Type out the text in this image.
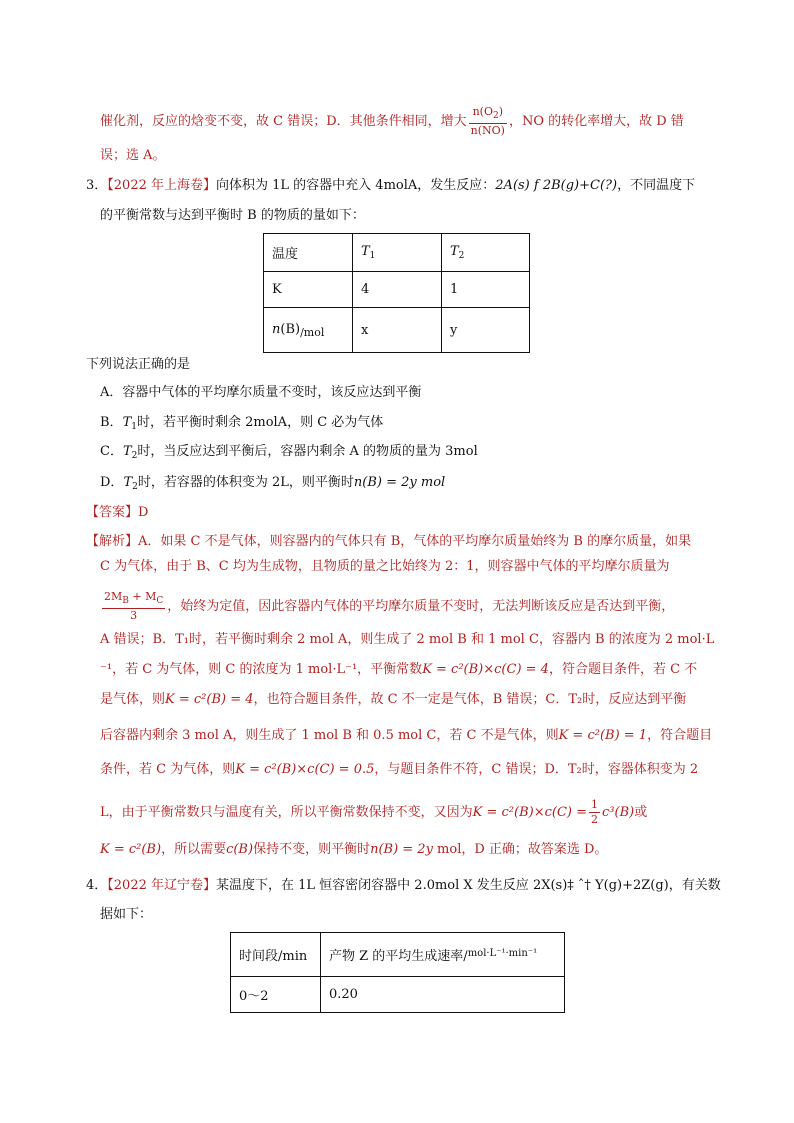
催化剂，反应的焓变不变，故 C 错误；D．其他条件相同，增大 $\frac{n(O_2)}{n(NO)}$ ，NO 的转化率增大，故 D 错
误；选 A。
3．【2022 年上海卷】向体积为 1L 的容器中充入 4molA，发生反应：2A(s) f 2B(g)+C(?)，不同温度下
的平衡常数与达到平衡时 B 的物质的量如下：
温度	$T_1$	$T_2$
K	4	1
$n(B)_{/mol}$	x	y
下列说法正确的是
A．容器中气体的平均摩尔质量不变时，该反应达到平衡
B．$T_1$时，若平衡时剩余 2molA，则 C 必为气体
C．$T_2$时，当反应达到平衡后，容器内剩余 A 的物质的量为 3mol
D．$T_2$时，若容器的体积变为 2L，则平衡时n(B) = 2y mol
【答案】D
【解析】A．如果 C 不是气体，则容器内的气体只有 B，气体的平均摩尔质量始终为 B 的摩尔质量，如果
C 为气体，由于 B、C 均为生成物，且物质的量之比始终为 2：1，则容器中气体的平均摩尔质量为
$\frac{2M_B + M_C}{3}$ ，始终为定值，因此容器内气体的平均摩尔质量不变时，无法判断该反应是否达到平衡，
A 错误；B．T₁时，若平衡时剩余 2 mol A，则生成了 2 mol B 和 1 mol C，容器内 B 的浓度为 2 mol·L
⁻¹，若 C 为气体，则 C 的浓度为 1 mol·L⁻¹，平衡常数K = c²(B)×c(C) = 4，符合题目条件，若 C 不
是气体，则K = c²(B) = 4，也符合题目条件，故 C 不一定是气体，B 错误；C．T₂时，反应达到平衡
后容器内剩余 3 mol A，则生成了 1 mol B 和 0.5 mol C，若 C 不是气体，则K = c²(B) = 1，符合题目
条件，若 C 为气体，则K = c²(B)×c(C) = 0.5，与题目条件不符，C 错误；D．T₂时，容器体积变为 2
L，由于平衡常数只与温度有关，所以平衡常数保持不变，又因为$K = c^2(B)\times c(C) = \frac{1}{2} c^3(B)$或
K = c²(B)，所以需要c(B)保持不变，则平衡时n(B) = 2y mol，D 正确；故答案选 D。
4．【2022 年辽宁卷】某温度下，在 1L 恒容密闭容器中 2.0mol X 发生反应 2X(s)‡ ˆ† Y(g)+2Z(g)，有关数
据如下：
时间段/min	产物 Z 的平均生成速率/$^{mol\cdot L^{-1}\cdot min^{-1}}$
0～2	0.20
